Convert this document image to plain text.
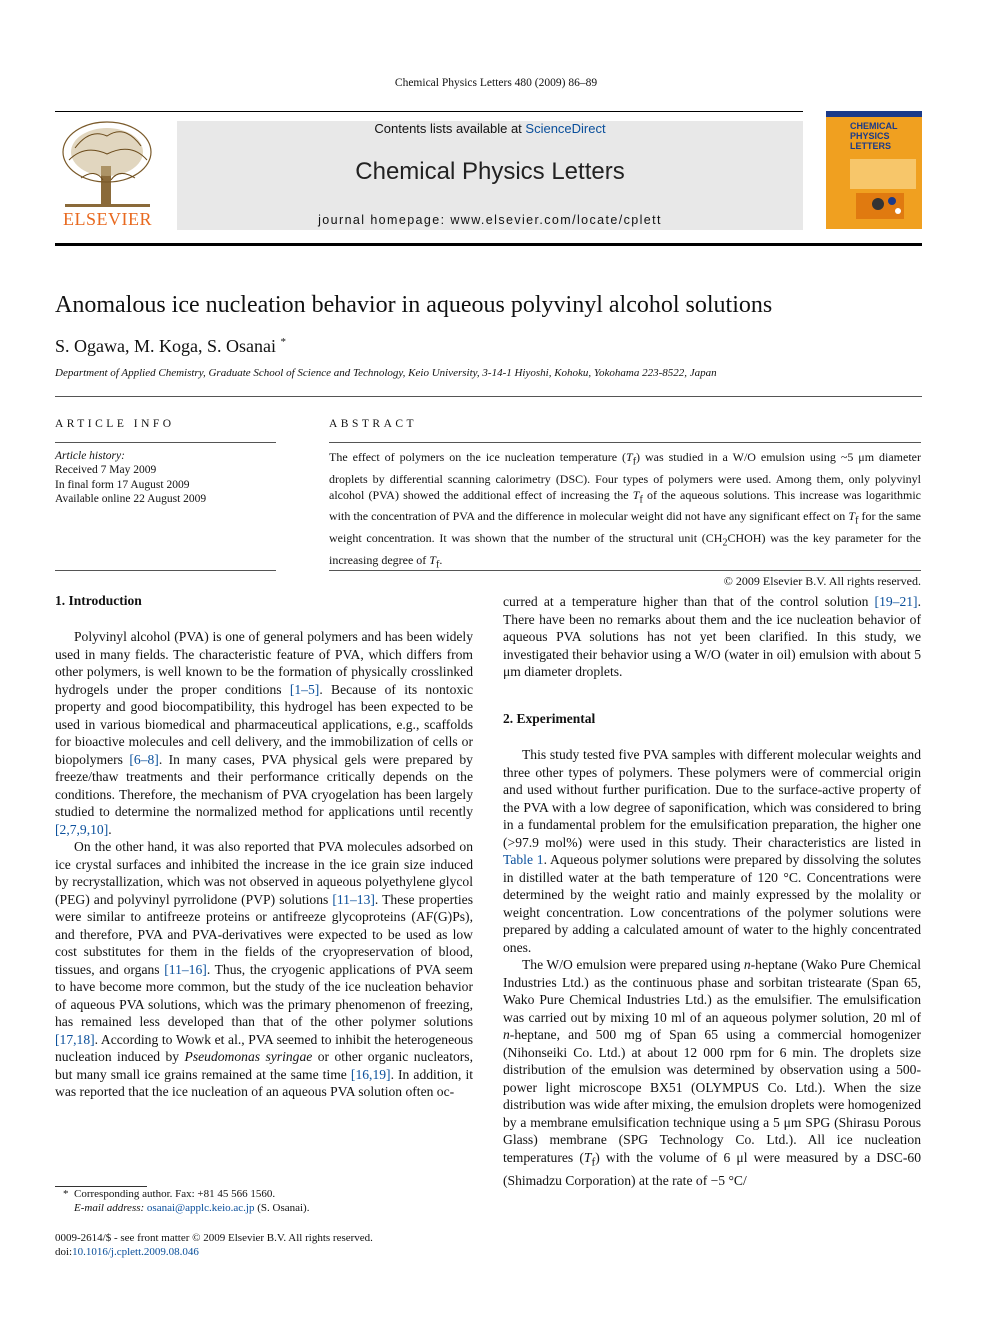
Chemical Physics Letters 480 (2009) 86–89
ELSEVIER
Contents lists available at ScienceDirect
Chemical Physics Letters
journal homepage: www.elsevier.com/locate/cplett
CHEMICAL
PHYSICS
LETTERS
Anomalous ice nucleation behavior in aqueous polyvinyl alcohol solutions
S. Ogawa, M. Koga, S. Osanai *
Department of Applied Chemistry, Graduate School of Science and Technology, Keio University, 3-14-1 Hiyoshi, Kohoku, Yokohama 223-8522, Japan
ARTICLE INFO
Article history:
Received 7 May 2009
In final form 17 August 2009
Available online 22 August 2009
ABSTRACT
The effect of polymers on the ice nucleation temperature $(T_f)$ was studied in a W/O emulsion using ~5 μm diameter droplets by differential scanning calorimetry (DSC). Four types of polymers were used. Among them, only polyvinyl alcohol (PVA) showed the additional effect of increasing the $T_f$ of the aqueous solutions. This increase was logarithmic with the concentration of PVA and the difference in molecular weight did not have any significant effect on $T_f$ for the same weight concentration. It was shown that the number of the structural unit $(CH_2CHOH)$ was the key parameter for the increasing degree of $T_f$.
© 2009 Elsevier B.V. All rights reserved.
1. Introduction

Polyvinyl alcohol (PVA) is one of general polymers and has been widely used in many fields. The characteristic feature of PVA, which differs from other polymers, is well known to be the formation of physically crosslinked hydrogels under the proper conditions [1–5]. Because of its nontoxic property and good biocompatibility, this hydrogel has been expected to be used in various biomedical and pharmaceutical applications, e.g., scaffolds for bioactive molecules and cell delivery, and the immobilization of cells or biopolymers [6–8]. In many cases, PVA physical gels were prepared by freeze/thaw treatments and their performance critically depends on the conditions. Therefore, the mechanism of PVA cryogelation has been largely studied to determine the normalized method for applications until recently [2,7,9,10].

On the other hand, it was also reported that PVA molecules adsorbed on ice crystal surfaces and inhibited the increase in the ice grain size induced by recrystallization, which was not observed in aqueous polyethylene glycol (PEG) and polyvinyl pyrrolidone (PVP) solutions [11–13]. These properties were similar to antifreeze proteins or antifreeze glycoproteins (AF(G)Ps), and therefore, PVA and PVA-derivatives were expected to be used as low cost substitutes for them in the fields of the cryopreservation of blood, tissues, and organs [11–16]. Thus, the cryogenic applications of PVA seem to have become more common, but the study of the ice nucleation behavior of aqueous PVA solutions, which was the primary phenomenon of freezing, has remained less developed than that of the other polymer solutions [17,18]. According to Wowk et al., PVA seemed to inhibit the heterogeneous nucleation induced by Pseudomonas syringae or other organic nucleators, but many small ice grains remained at the same time [16,19]. In addition, it was reported that the ice nucleation of an aqueous PVA solution often oc-

curred at a temperature higher than that of the control solution [19–21]. There have been no remarks about them and the ice nucleation behavior of aqueous PVA solutions has not yet been clarified. In this study, we investigated their behavior using a W/O (water in oil) emulsion with about 5 μm diameter droplets.

2. Experimental

This study tested five PVA samples with different molecular weights and three other types of polymers. These polymers were of commercial origin and used without further purification. Due to the surface-active property of the PVA with a low degree of saponification, which was considered to bring in a fundamental problem for the emulsification preparation, the higher one (>97.9 mol%) were used in this study. Their characteristics are listed in Table 1. Aqueous polymer solutions were prepared by dissolving the solutes in distilled water at the bath temperature of 120 °C. Concentrations were determined by the weight ratio and mainly expressed by the molality or weight concentration. Low concentrations of the polymer solutions were prepared by adding a calculated amount of water to the highly concentrated ones.

The W/O emulsion were prepared using n-heptane (Wako Pure Chemical Industries Ltd.) as the continuous phase and sorbitan tristearate (Span 65, Wako Pure Chemical Industries Ltd.) as the emulsifier. The emulsification was carried out by mixing 10 ml of an aqueous polymer solution, 20 ml of n-heptane, and 500 mg of Span 65 using a commercial homogenizer (Nihonseiki Co. Ltd.) at about 12 000 rpm for 6 min. The droplets size distribution of the emulsion was determined by observation using a 500-power light microscope BX51 (OLYMPUS Co. Ltd.). When the size distribution was wide after mixing, the emulsion droplets were homogenized by a membrane emulsification technique using a 5 μm SPG (Shirasu Porous Glass) membrane (SPG Technology Co. Ltd.). All ice nucleation temperatures $(T_f)$ with the volume of 6 μl were measured by a DSC-60 (Shimadzu Corporation) at the rate of −5 °C/

* Corresponding author. Fax: +81 45 566 1560.
E-mail address: osanai@applc.keio.ac.jp (S. Osanai).
0009-2614/$ - see front matter © 2009 Elsevier B.V. All rights reserved.
doi:10.1016/j.cplett.2009.08.046
